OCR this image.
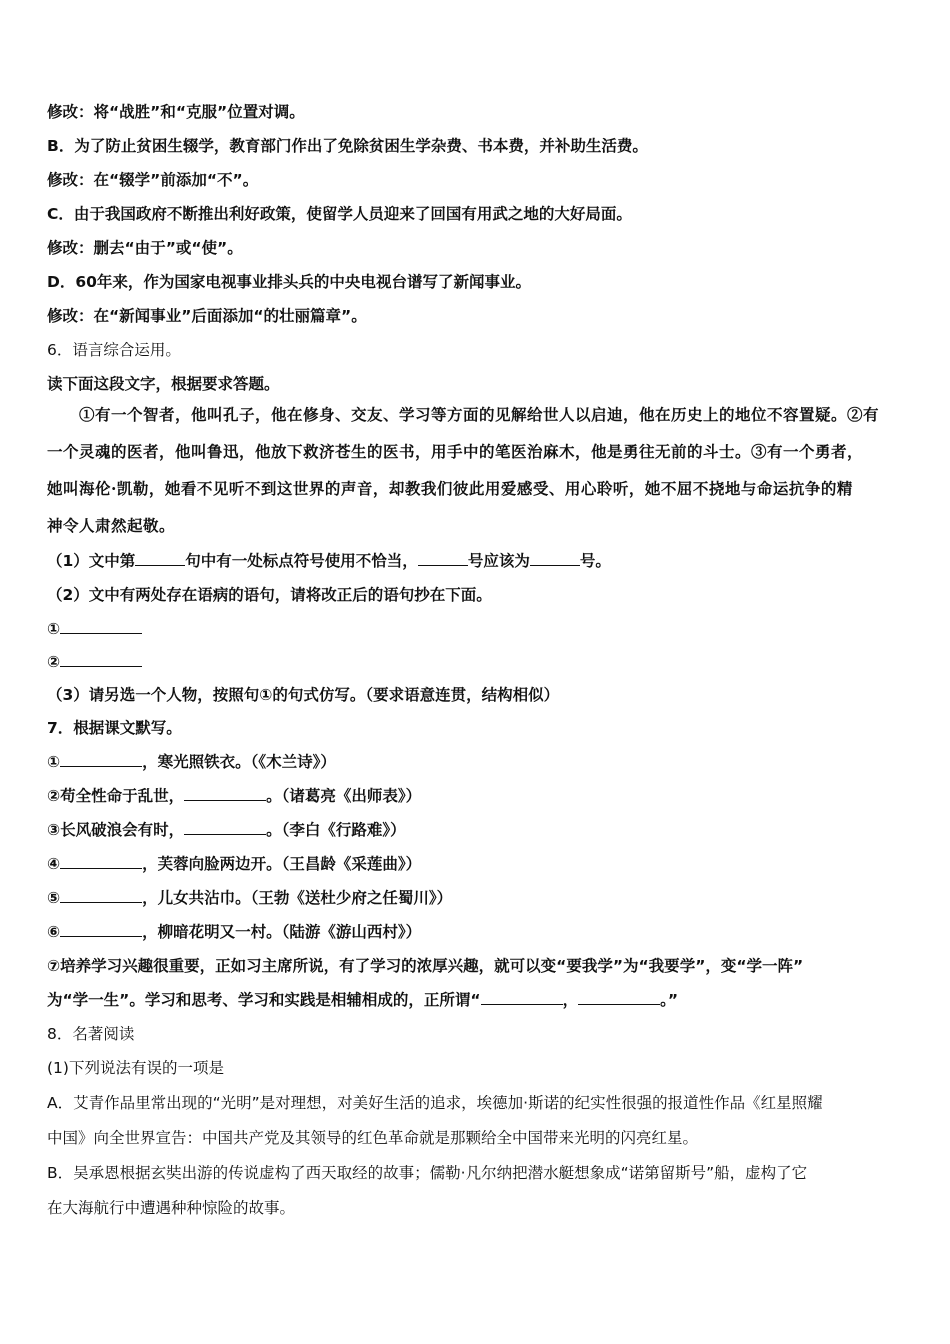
修改：将“战胜”和“克服”位置对调。
B．为了防止贫困生辍学，教育部门作出了免除贫困生学杂费、书本费，并补助生活费。
修改：在“辍学”前添加“不”。
C．由于我国政府不断推出利好政策，使留学人员迎来了回国有用武之地的大好局面。
修改：删去“由于”或“使”。
D．60年来，作为国家电视事业排头兵的中央电视台谱写了新闻事业。
修改：在“新闻事业”后面添加“的壮丽篇章”。
6．语言综合运用。
读下面这段文字，根据要求答题。
①有一个智者，他叫孔子，他在修身、交友、学习等方面的见解给世人以启迪，他在历史上的地位不容置疑。②有
一个灵魂的医者，他叫鲁迅，他放下救济苍生的医书，用手中的笔医治麻木，他是勇往无前的斗士。③有一个勇者，
她叫海伦·凯勒，她看不见听不到这世界的声音，却教我们彼此用爱感受、用心聆听，她不屈不挠地与命运抗争的精
神令人肃然起敬。
（1）文中第	句中有一处标点符号使用不恰当，	号应该为	号。
（2）文中有两处存在语病的语句，请将改正后的语句抄在下面。
①
②
（3）请另选一个人物，按照句①的句式仿写。（要求语意连贯，结构相似）
7．根据课文默写。
①	，寒光照铁衣。（《木兰诗》）
②苟全性命于乱世，	。（诸葛亮《出师表》）
③长风破浪会有时，	。（李白《行路难》）
④	，芙蓉向脸两边开。（王昌龄《采莲曲》）
⑤	，儿女共沾巾。（王勃《送杜少府之任蜀川》）
⑥	，柳暗花明又一村。（陆游《游山西村》）
⑦培养学习兴趣很重要，正如习主席所说，有了学习的浓厚兴趣，就可以变“要我学”为“我要学”，变“学一阵”
为“学一生”。学习和思考、学习和实践是相辅相成的，正所谓“	，	。”
8．名著阅读
(1)下列说法有误的一项是
A．艾青作品里常出现的“光明”是对理想，对美好生活的追求，埃德加·斯诺的纪实性很强的报道性作品《红星照耀
中国》向全世界宣告：中国共产党及其领导的红色革命就是那颗给全中国带来光明的闪亮红星。
B．吴承恩根据玄奘出游的传说虚构了西天取经的故事；儒勒·凡尔纳把潜水艇想象成“诺第留斯号”船，虚构了它
在大海航行中遭遇种种惊险的故事。
